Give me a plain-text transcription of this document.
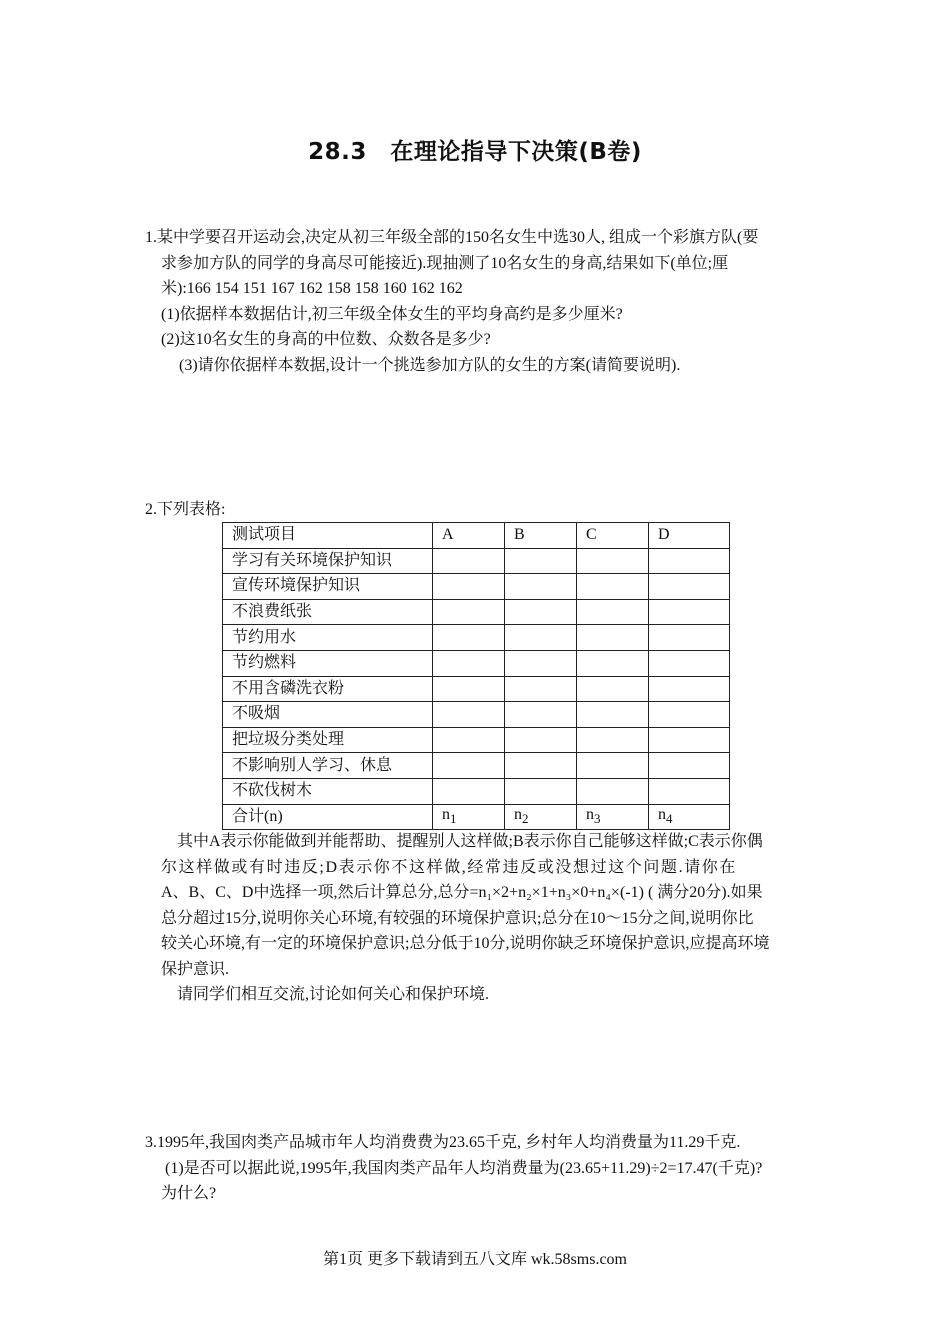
28.3　在理论指导下决策(B卷)

1.某中学要召开运动会,决定从初三年级全部的150名女生中选30人, 组成一个彩旗方队(要

求参加方队的同学的身高尽可能接近).现抽测了10名女生的身高,结果如下(单位;厘

米):166 154 151 167 162 158 158 160 162 162

(1)依据样本数据估计,初三年级全体女生的平均身高约是多少厘米?

(2)这10名女生的身高的中位数、众数各是多少?

(3)请你依据样本数据,设计一个挑选参加方队的女生的方案(请简要说明).

2.下列表格:

测试项目	A	B	C	D
学习有关环境保护知识				
宣传环境保护知识				
不浪费纸张				
节约用水				
节约燃料				
不用含磷洗衣粉				
不吸烟				
把垃圾分类处理				
不影响别人学习、休息				
不砍伐树木				
合计(n)	$n_1$	$n_2$	$n_3$	$n_4$

其中A表示你能做到并能帮助、提醒别人这样做;B表示你自己能够这样做;C表示你偶

尔这样做或有时违反;D表示你不这样做,经常违反或没想过这个问题.请你在

A、B、C、D中选择一项,然后计算总分,总分=n₁×2+n₂×1+n₃×0+n₄×(-1) ( 满分20分).如果

总分超过15分,说明你关心环境,有较强的环境保护意识;总分在10～15分之间,说明你比

较关心环境,有一定的环境保护意识;总分低于10分,说明你缺乏环境保护意识,应提高环境

保护意识.

请同学们相互交流,讨论如何关心和保护环境.

3.1995年,我国肉类产品城市年人均消费费为23.65千克, 乡村年人均消费量为11.29千克.

(1)是否可以据此说,1995年,我国肉类产品年人均消费量为(23.65+11.29)÷2=17.47(千克)?

为什么?

第1页 更多下载请到五八文库 wk.58sms.com
